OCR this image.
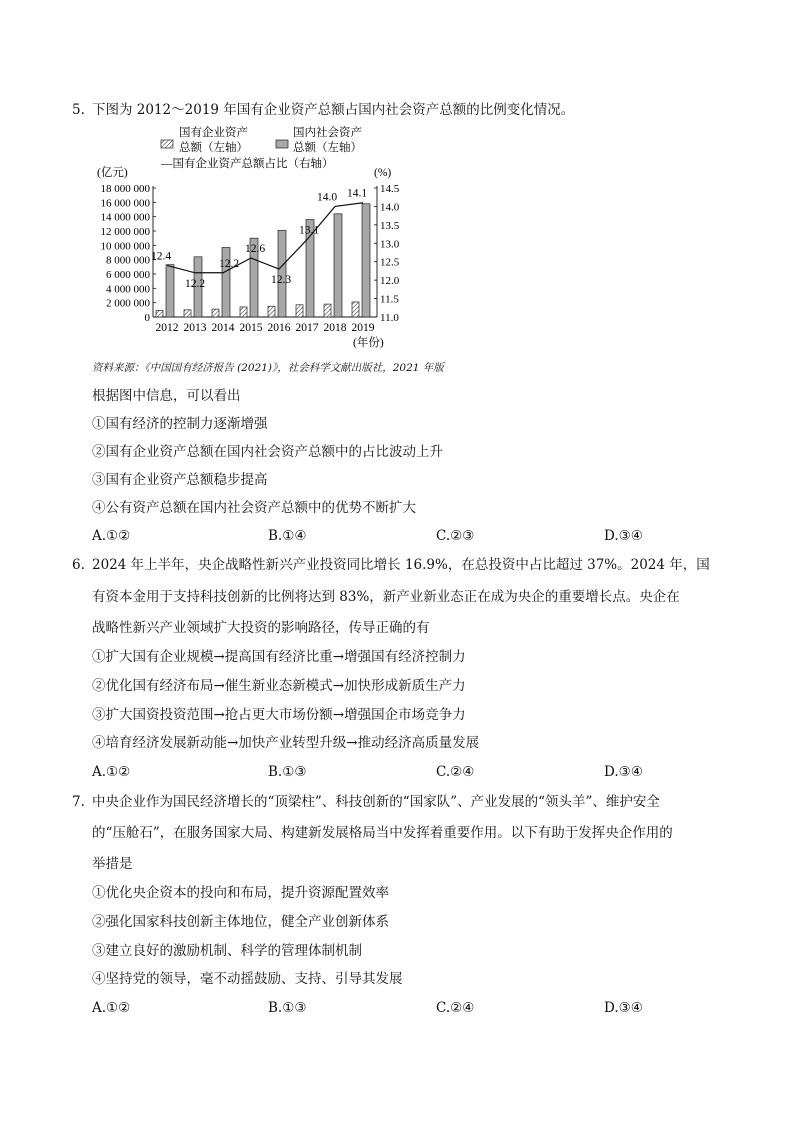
5. 下图为 2012～2019 年国有企业资产总额占国内社会资产总额的比例变化情况。
国有企业资产
总额（左轴）
国内社会资产
总额（左轴）
—国有企业资产总额占比（右轴）
(亿元)	(%)
(年份)
0
2 000 000
4 000 000
6 000 000
8 000 000
10 000 000
12 000 000
14 000 000
16 000 000
18 000 000
11.0
11.5
12.0
12.5
13.0
13.5
14.0
14.5
2012 2013 2014 2015 2016 2017 2018 2019
12.4
12.2
12.2
12.6
12.3
13.1
14.0 14.1
资料来源：《中国国有经济报告 (2021)》，社会科学文献出版社，2021 年版
根据图中信息，可以看出
①国有经济的控制力逐渐增强
②国有企业资产总额在国内社会资产总额中的占比波动上升
③国有企业资产总额稳步提高
④公有资产总额在国内社会资产总额中的优势不断扩大
A.①②	B.①④	C.②③	D.③④
6. 2024 年上半年，央企战略性新兴产业投资同比增长 16.9%，在总投资中占比超过 37%。2024 年，国
有资本金用于支持科技创新的比例将达到 83%，新产业新业态正在成为央企的重要增长点。央企在
战略性新兴产业领域扩大投资的影响路径，传导正确的有
①扩大国有企业规模→提高国有经济比重→增强国有经济控制力
②优化国有经济布局→催生新业态新模式→加快形成新质生产力
③扩大国资投资范围→抢占更大市场份额→增强国企市场竞争力
④培育经济发展新动能→加快产业转型升级→推动经济高质量发展
A.①②	B.①③	C.②④	D.③④
7. 中央企业作为国民经济增长的“顶梁柱”、科技创新的“国家队”、产业发展的“领头羊”、维护安全
的“压舱石”，在服务国家大局、构建新发展格局当中发挥着重要作用。以下有助于发挥央企作用的
举措是
①优化央企资本的投向和布局，提升资源配置效率
②强化国家科技创新主体地位，健全产业创新体系
③建立良好的激励机制、科学的管理体制机制
④坚持党的领导，毫不动摇鼓励、支持、引导其发展
A.①②	B.①③	C.②④	D.③④
